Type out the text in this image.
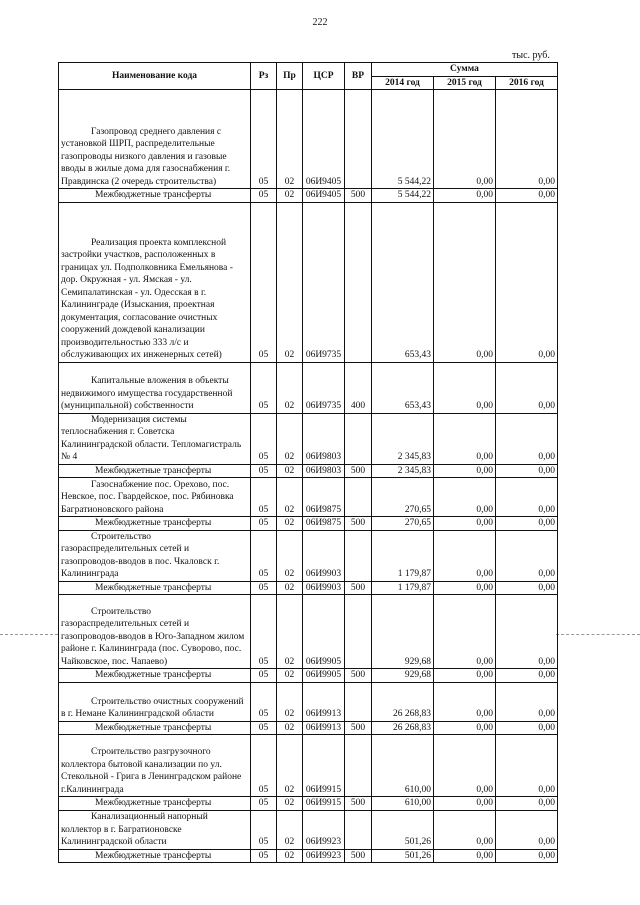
222
тыс. руб.
Наименование кода	Рз	Пр	ЦСР	ВР	Сумма		
					2014 год	2015 год	2016 год
Газопровод среднего давления с установкой ШРП, распределительные газопроводы низкого давления и газовые вводы в жилые дома для газоснабжения г. Правдинска (2 очередь строительства)	05	02	06И9405		5 544,22	0,00	0,00
Межбюджетные трансферты	05	02	06И9405	500	5 544,22	0,00	0,00
Реализация проекта комплексной застройки участков, расположенных в границах ул. Подполковника Емельянова - дор. Окружная - ул. Ямская - ул. Семипалатинская - ул. Одесская в г. Калининграде (Изыскания, проектная документация, согласование очистных сооружений дождевой канализации производительностью 333 л/с и обслуживающих их инженерных сетей)	05	02	06И9735		653,43	0,00	0,00
Капитальные вложения в объекты недвижимого имущества государственной (муниципальной) собственности	05	02	06И9735	400	653,43	0,00	0,00
Модернизация системы теплоснабжения г. Советска Калининградской области. Тепломагистраль № 4	05	02	06И9803		2 345,83	0,00	0,00
Межбюджетные трансферты	05	02	06И9803	500	2 345,83	0,00	0,00
Газоснабжение пос. Орехово, пос. Невское, пос. Гвардейское, пос. Рябиновка Багратионовского района	05	02	06И9875		270,65	0,00	0,00
Межбюджетные трансферты	05	02	06И9875	500	270,65	0,00	0,00
Строительство газораспределительных сетей и газопроводов-вводов в пос. Чкаловск г. Калининграда	05	02	06И9903		1 179,87	0,00	0,00
Межбюджетные трансферты	05	02	06И9903	500	1 179,87	0,00	0,00
Строительство газораспределительных сетей и газопроводов-вводов в Юго-Западном жилом районе г. Калининграда (пос. Суворово, пос. Чайковское, пос. Чапаево)	05	02	06И9905		929,68	0,00	0,00
Межбюджетные трансферты	05	02	06И9905	500	929,68	0,00	0,00
Строительство очистных сооружений в г. Немане Калининградской области	05	02	06И9913		26 268,83	0,00	0,00
Межбюджетные трансферты	05	02	06И9913	500	26 268,83	0,00	0,00
Строительство разгрузочного коллектора бытовой канализации по ул. Стекольной - Грига в Ленинградском районе г.Калининграда	05	02	06И9915		610,00	0,00	0,00
Межбюджетные трансферты	05	02	06И9915	500	610,00	0,00	0,00
Канализационный напорный коллектор в г. Багратионовске Калининградской области	05	02	06И9923		501,26	0,00	0,00
Межбюджетные трансферты	05	02	06И9923	500	501,26	0,00	0,00
